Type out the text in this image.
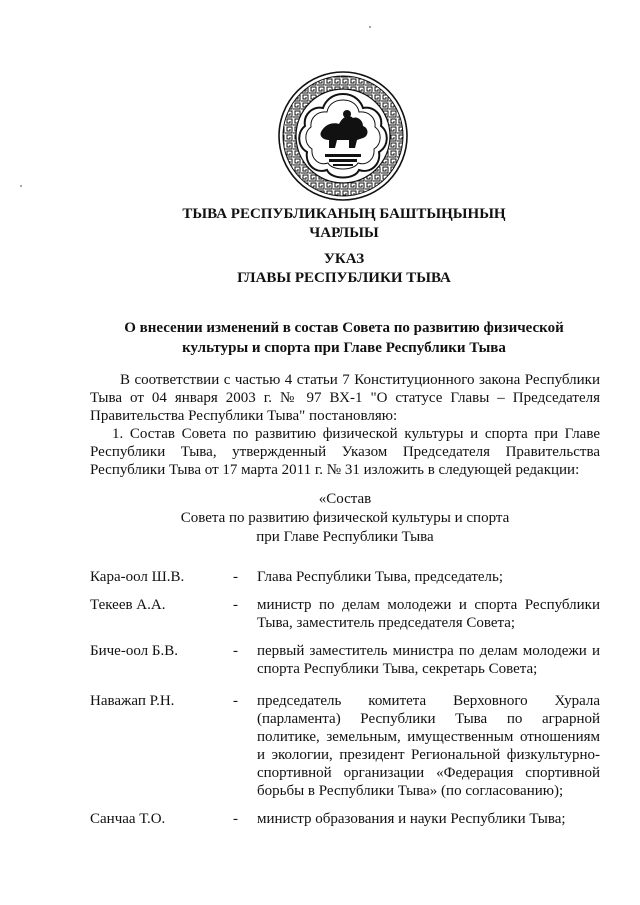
ТЫВА РЕСПУБЛИКАНЫҢ БАШТЫҢЫНЫҢ
ЧАРЛЫЫ
УКАЗ
ГЛАВЫ РЕСПУБЛИКИ ТЫВА
О внесении изменений в состав Совета по развитию физической
культуры и спорта при Главе Республики Тыва
В соответствии с частью 4 статьи 7 Конституционного закона Республики Тыва от 04 января 2003 г. № 97 ВХ-1 "О статусе Главы – Председателя Правительства Республики Тыва" постановляю:
1. Состав Совета по развитию физической культуры и спорта при Главе Республики Тыва, утвержденный Указом Председателя Правительства Республики Тыва от 17 марта 2011 г. № 31 изложить в следующей редакции:
«Состав
Совета по развитию физической культуры и спорта
при Главе Республики Тыва
Кара-оол Ш.В.	-	Глава Республики Тыва, председатель;
Текеев А.А.	-	министр по делам молодежи и спорта Республики Тыва, заместитель председателя Совета;
Биче-оол Б.В.	-	первый заместитель министра по делам молодежи и спорта Республики Тыва, секретарь Совета;
Наважап Р.Н.	-	председатель комитета Верховного Хурала (парламента) Республики Тыва по аграрной политике, земельным, имущественным отношениям и экологии, президент Региональной физкультурно-спортивной организации «Федерация спортивной борьбы в Республики Тыва» (по согласованию);
Санчаа Т.О.	-	министр образования и науки Республики Тыва;
